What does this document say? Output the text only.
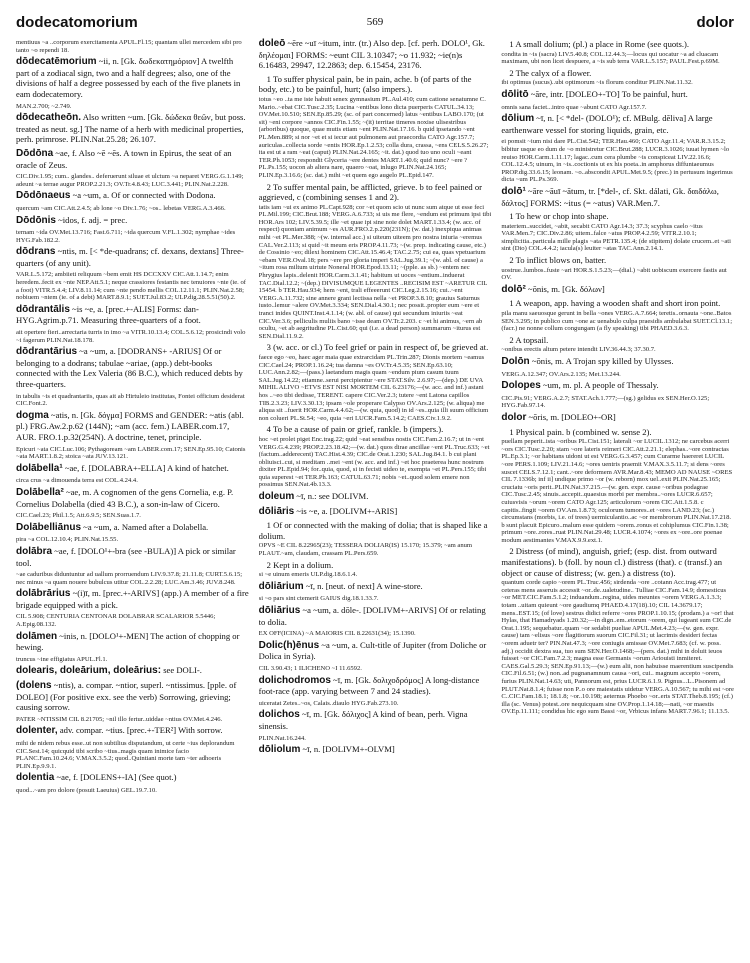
dodecatomorium	569	dolor
mentiuus ~a ..corporum exercitamenta APUL.Fl.15; quantam ullei mercedem sibi pro tanto ~o rependi 18.
dōdecatēmorium ~ii, n. [Gk. δωδεκατημόριον] A twelfth part of a zodiacal sign, two and a half degrees; also, one of the divisions of half a degree possessed by each of the five planets in eam dodecatemory.
MAN.2.700; ~2.749.
dōdecatheōn. Also written ~um. [Gk. δώδεκα θεῶν, but poss. treated as neut. sg.] The name of a herb with medicinal properties, perh. primrose. PLIN.Nat.25.28; 26.107.
Dōdōna ~ae, f. Also ~ē ~ēs. A town in Epirus, the seat of an oracle of Zeus.
CIC.Div.1.95; cum.. glandes.. deferuerunt siluae et ulctum ~a neparet VERG.G.1.149; adeunt ~a terrae augur PROP.2.21.3; OV.Tr.4.8.43; LUC.3.441; PLIN.Nat.2.228.
Dōdōnaeus ~a ~um, a. Of or connected with Dodona.
quercum ~am CIC.Att.2.4.5; ab lone ~o Div.1.76; ~os.. lebetas VERG.A.3.466.
Dōdōnis ~idos, f. adj. = prec.
ternam ~ida OV.Met.13.716; Fast.6.711; ~ida quercum V.FL.1.302; nymphae ~ides HYG.Fab.182.2.
dōdrans ~ntis, m. [< *de-quadrans; cf. dexans, dextans] Three-quarters (of any unit).
VAR.L.5.172; ambiieti reliquum ~bem emit HS DCCXXV CIC.Att.1.14.7; enim heredem..fecit ex ~nte NEP.Att.5.1; neque crassiores festantis nec tenuiores ~nte (ie. of a foot) VITR.5.4.4; LIV.8.11.14; cum ~nte pendo mellis COL.12.11.1; PLIN.Nat.2.58; nobiuem ~ntem (ie. of a debt) MART.8.9.1; SUET.Jul.83.2; ULP.dig.28.5.51(50).2.
dōdrantālis ~is ~e, a. [prec.+-ALIS] Forms: dan- HYG.Agrim.p.71. Measuring three-quarters of a foot.
ait opertere fieri..arrectaria turris in imo ~a VITR.10.13.4; COL.5.6.12; prosicindi volo ~i fagerum PLIN.Nat.18.178.
dōdrantārius ~a ~um, a. [DODRANS+ -ARIUS] Of or belonging to a dodrans; tabulae ~ariae, (app.) debt-books connected with the Lex Valeria (86 B.C.), which reduced debts by three-quarters.
in tabulis ~is et quadrantariis, quas ait ab Hirtuleio institutas, Fontei officium desiderat CIC.Font.2.
dogma ~atis, n. [Gk. δόγμα] FORMS and GENDER: ~atis (abl. pl.) FRG.Aw.2.p.62 (144N); ~am (acc. fem.) LABER.com.17, AUR. FRO.1.p.32(254N). A doctrine, tenet, principle.
Epicuri ~ata CIC.Luc.106; Pythagoream ~am LABER.com.17; SEN.Ep.95.10; Catonis ~ata MART.1.8.2; stoica ~ata JUV.13.121.
dolābella¹ ~ae, f. [DOLABRA+-ELLA] A kind of hatchet.
circa crus ~a dimouenda terra est COL.4.24.4.
Dolābella² ~ae, m. A cognomen of the gens Cornelia, e.g. P. Cornelius Dolabella (died 43 B.C.), a son-in-law of Cicero.
CIC.Cael.23; Phil.1.5; Att.6.9.5; SEN.Suas.1.7.
Dolābelliānus ~a ~um, a. Named after a Dolabella.
pira ~a COL.12.10.4; PLIN.Nat.15.55.
dolābra ~ae, f. [DOLO¹+-bra (see -BULA)] A pick or similar tool.
~ae caduribus diduntuntur ad uallum prorruendum LIV.9.37.8; 21.11.8; CURT.5.6.15; nec minus ~a quam nouere bubulcus utitur COL.2.2.28; LUC.Am.3.46; JUV.8.248.
dolābrārius ~(i)ī, m. [prec.+-ARIVS] (app.) A member of a fire brigade equipped with a pick.
CIL 5.908; CENTURIA CENTONAR DOLABRAR SCALARIOR 5.5446; A.Epig.08.132.
dolāmen ~inis, n. [DOLO¹+-MEN] The action of chopping or hewing.
truncus ~ine effigiatus APUL.Fl.1.
dolearis, doleārium, doleārius: see DOLI-.
(dolens ~ntis), a. compar. ~ntior, superl. ~ntissimus. [pple. of DOLEO] (For positive exx. see the verb) Sorrowing, grieving; causing sorrow.
PATER ~NTISSIM CIL 8.21705; ~nil illo fertur..uiddae ~ntius OV.Met.4.246.
dolenter, adv. compar. ~tius. [prec.+-TER²] With sorrow.
mihi de nidem rebus esse..ut non subtilius disputandum, ut certe ~ius deplorandum CIC.Sest.14; quicquid tibi scribo ~tius..magis quam inimice facio PLANC.Fam.10.24.6; V.MAX.3.5.2; quod..Quintiani morte tam ~ter adhoeris PLIN.Ep.9.9.1.
dolentia ~ae, f. [DOLENS+-IA] (See quot.)
quod...~am pro dolore (posuit Laeuius) GEL.19.7.10.
doleō ~ēre ~uī ~itum, intr. (tr.) Also dep. [cf. perh. DOLO¹, Gk. δηλέομαι] FORMS: ~eunt CIL 3.10347; ~o 11.932; ~ie(n)s 6.16483, 29947, 12.2863; dep. 6.15454, 23176.
1 To suffer physical pain, be in pain, ache. b (of parts of the body, etc.) to be painful, hurt; (also impers.).
totus ~eo ..ta me iste habuit senex gymnasium PL.Aul.410; cum catione senatumne C. Mario..~ebat CIC.Tusc.2.35; Lucina ~entibus lono dicta puerperis CATUL.34.13; OV.Met.10.510; SEN.Ep.85.29; (sc. of part concerned) latus ~entibus LABO.170; (ut sit) ~eni corpore ~annos CIC.Fin.1.55; ~(it) territae timeres noxise ulisestribus (arboribus) quoque, quae mutis etiam ~ent PLIN.Nat.17.16. b quid ipsetando ~ent PL.Men.889; si nor ~et et si iecur aut pulmonem aut praecordia CATO Agr.157.7; auriculas..collecta sorde ~entis HOR.Ep.1.2.53; colla dura, crassa, ~ens CELS.5.26.27; ita est ut a ram ~eat (caput) PLIN.Nat.24.165; ~it. dat.) quod tuo uno oculi ~eant TER.Ph.1053; respondit Glyceria ~ere dentes MART.1.40.6; quid nunc? ~ere ? PL.Ps.155; uocon ab altera nare, quaero ~oat, inlugo PLIN.Nat.24.165; PLIN.Ep.3.16.6; (sc. dat.) mihi ~et quem ego augelo PL.Epid.147.
2 To suffer mental pain, be afflicted, grieve. b to feel pained or aggrieved, c (combining senses 1 and 2).
tatis iam ~ui ex animo PL.Capt.928; cor ~et quom scio ut nunc sum atque ut esse feci PL.Mil.199; CIC.Brut.188; VERG.A.6.733; si uis me flere, ~endum est primum ipsi tibi HOR.Ars 102; LIV.5.39.5; ille ~et quae ipi sine noie dolet MART.1.33.4; (w. acc. of respect) quoniam animum ~es AUR.FRO.2.p.220(231N); (w. dat.) inexpiqua animas mihi ~et PL.Mer.388; ~(w. internal acc.) si uiteum uiteem pro nostra iniuria ~eremus CAL.Ver.2.113; si quid ~it meum eris PROP.4.11.73; ~(w. prep. indicating cause, etc.) de Cossinio ~eo; dilexi hominem CIC.Att.15.46.4; TAC.2.75; cui ea, quas vpetuarium ~ebam VER.Oval.18; pers ~ere pro gloria imperi SAL.Jug.39.1; ~(w. abl. of cause) a ~itum rosa miltum uirtute Noneral HOR.Epod.13.11; ~(pple. as sb.) ~entem nec Phrygius lapis..delenit HOR.Carm.3.1.41; habitum ut uoces ~entium..induerat TAC.Dial.12.2; ~(dep.) DIVISUMQUE LEGENTES ..RECISIM EST ~ARETUR CIL 15454. b TER.Hau.934; hem ~ent, trali effeeerunt CIC.Leg.2.15.16; cui..~ent VERG.A.11.732; sine annere grani lectissa nella ~et PROP.3.8.10; grauius Saturnus iusto..lemur ~alere OV.Met.3.334; SEN.Dial.4.30.1; nec possit..propter eum ~ere et tranci inides QUINT.Inst.4.1.14; (w. abl. of cause) qui secundum iniuriis ~eat CIC.Ver.3.6; pelliculis muliis bano ~isse deam OV.Tr.2.203. c ~et hi animus, ~ern ab ocultu, ~et ab aegritudine PL.Cist.60; qui (i.e. a dead person) summarum ~iturus est SEN.Dial.11.9.2.
3 (w. acc. or cl.) To feel grief or pain in respect of, be grieved at.
faece ego ~eo, haec ager maia quae extrarcidam PL.Trin.287; Dionis mortem ~eamus CIC.Cael.24; PROP.1.16.24; tua damna ~es OV.Tr.4.5.35; SEN.Ep.63.10; LUC.Ann.2.82;—(pass.) laetandum magis quam ~endum pium casum tuum SAL.Jug.14.22; etiamne..serui percipientur ~ere STAT.Silv. 2.6.97;—(dep.) DE UVA MIHIL ALIVO ~ETVS EST NISI MORTEM CIL 6.23176;—(w. acc. and inf.) astani hos ..~eo tibi dedisse, TERENT. capere CIC.Ver.2.3; tutere ~ent Latona capillos TIB.2.3.23; LIV.3.30.13; ipsam ~ole properare Calypso OV.Ars.2.125; (w. aliqua) me aliqua sit ..fuerit HOR.Carm.4.4.62;—(w. quia, quod) in id ~es..quia illi suum officium non colueri PL.St.54; ~eo, quia ~eri LUCR.Fam.5.14.2; CAES.Civ.1.9.2.
4 To be a cause of pain or grief, rankle. b (impers.).
hoc ~et prolet piget Enc.trag.22; quid ~eat sensibus nostis CIC.Fam.2.16.7; ut in ~ent VERG.G.4.239; PROP.2.23.18.42;—(w. dat.) quos dirae ancillae ~ent PL.Truc.633; ~et (factum..adderecent) TAC.Hist.4.39; CIC.de Orat.1.230; SAL.Jug.84.1. b cui plani obliuisci..cui, si meditam ..mei ~ent (w. acc. and inf.) ~et hoc praeterea hunc nostrum dixiter PL.Epid.94; for..quia, quod, si in fecisti uideo te, exempta ~et PL.Pers.155; tibi quia superest ~et TER.Ph.163; CATUL.63.71; nobis ~et..quod solem emere non possimus SEN.Nat.4b.13.3.
doleum ~ī, n.: see DOLIVM.
dōliāris ~is ~e, a. [DOLIVM+-ARIS]
1 Of or connected with the making of dolia; that is shaped like a dolium.
OPVS ~E CIL 8.22965(23); TESSERA DOLIAR(IS) 15.170; 15.379; ~am anum PLAUT.~am, claudam, crassam PL.Pers.659.
2 Kept in a dolium.
si ~e uinum emeris ULP.dig.18.6.1.4.
dōliārium ~ī, n. [neut. of next] A wine-store.
si ~o pars sint ctemerit GAIUS dig.18.1.33.7.
dōliārius ~a ~um, a. dōle-. [DOLIVM+-ARIVS] Of or relating to dolia.
EX OFF(ICINA) ~A MAIORIS CIL 8.22631(34); 15.1390.
Dolic(h)ēnus ~a ~um, a. Cult-title of Jupiter (from Doliche or Dolica in Syria).
CIL 3.90.43; 1 ILICHENO ~I 11.6592.
dolichodromos ~ī, m. [Gk. δολιχοδρόμος] A long-distance foot-race (app. varying between 7 and 24 stadies).
uiceratat Zetes..~os, Calais..diaulo HYG.Fab.273.10.
dolichos ~ī, m. [Gk. δόλιχος] A kind of bean, perh. Vigna sinensis.
PLIN.Nat.16.244.
dōliolum ~ī, n. [DOLIVM+-OLVM]
1 A small dolium; (pl.) a place in Rome (see quots.).
condita in ~is (sacra) LIV.5.40.8; COL.12.44.3;—locus qui uocatur ~a ad cluacam maximam, ubi non licet despuere, a ~is sub terra VAR.L.5.157; PAUL.Fest.p.69M.
2 The calyx of a flower.
ibi optimus (sucus)..ubi optimorum ~is florum conditur PLIN.Nat.11.32.
dōlitō ~āre, intr. [DOLEO+-TO] To be painful, hurt.
omnis sana faciet...intro quae ~abunt CATO Agr.157.7.
dōlium ~ī, n. [< *del- (DOLO¹); cf. MBulg. dĕliva] A large earthenware vessel for storing liquids, grain, etc.
ei pomsit ~ium nisi dare PL.Cist.542; TER.Hau.460; CATO Agr.11.4; VAR.R.3.15.2; bibitur usque eo dum de ~o ministretur CIC.Brut.288; LUCR.3.1026; iuuat hymen ~lo reuiso HOR.Carm.1.11.17; lagac..cum cera plumbe ~is conspiceat LIV.22.16.6; COL.12.4.5; uinum, in ~is..coctionis ut ex his poeta..in amphorus diffuntaeumus PROP.dig.33.6.15; leonam. ~o..abscondit APUL.Met.9.5; (prec.) in pertusum ingerimus dicta ~um PL.Ps.369.
dolō¹ ~āre ~āuī ~ātum, tr. [*del-, cf. Skt. dálati, Gk. δαιδάλω, δάλτος] FORMS: ~itus (= ~atus) VAR.Men.7.
1 To hew or chop into shape.
materiem..succidet, ~abit, secabit CATO Agr.14.3; 37.3; scyphus caelo ~itus VAR.Men.7; CIC.Div.2.86; uitem..falce ~atus PROP.4.2.59; VITR.2.10.1; simplicitia..particula mille plagis ~ata PETR.135.4; (de stipitem) dolate crucem..et ~ati sint (Dio) COL.4.4.2; iacula(s) leuiter ~atas TAC.Ann.2.14.1.
2 To inflict blows on, batter.
uostrue..lumbos..fuste ~ari HOR.S.1.5.23;—(dial.) ~abit uobiscum exercere fastis aut OV.
dolō² ~ōnis, m. [Gk. δόλων]
1 A weapon, app. having a wooden shaft and short iron point.
pila manu saeuosque gerunt in bella ~ones VERG.A.7.664; teretis..ornauta ~one..Batos SEN.3.295; in publico cum ~one ac uenabulo culpa praesidis ambulabat SUET.Cl.13.1; (facr.) ne nonne collum congungam (a fly speaking) tibi PHAED.3.6.3.
2 A topsail.
~onibus erectis altum petere intendit LIV.36.44.3; 37.30.7.
Dolōn ~ōnis, m. A Trojan spy killed by Ulysses.
VERG.A.12.347; OV.Ars.2.135; Met.13.244.
Dolopes ~um, m. pl. A people of Thessaly.
CIC.Pis.91; VERG.A.2.7; STAT.Ach.1.777;—(sg.) gelidus ex SEN.Her.O.125; HYG.Fab.97.14.
dolor ~ōris, m. [DOLEO+-OR]
1 Physical pain. b (combined w. sense 2).
puellam peperit..ista ~oribus PL.Cist.151; laterali ~or LUCIL.1312; ne carcebus acerri ~ors CIC.Tusc.2.20; stam ~ore lateris reimeri CIC.Att.2.21.1; elephas..~ore contractas PL.Ep.3.1; ~or habitans uidoni ut est VERG.G.3.457; cum Curarme haereret LUCIL ~ore PERS.1.109; LIV.21.14.6; ~ores uentris praemit V.MAX.3.5.11.7; si dens ~ores suscet CELS.7.12.1; cant..~ore deformem AVR.Mar.8.43; MEMO AD NAUSE ~ORES CIL 7.1336b; inf ii] undique primo ~or (w. reborn) mox uel..exit PLIN.Nat.25.165; cruciatu ~oris perit..PLIN.Nat.37.215.—(w. gen. expr. cause ~oribus podagrae CIC.Tusc.2.45; sinuis..accepit..quaesius morbi per membra..~ores LUCR.6.657; cuiusvisis ~orum ~orem CATO Agr.125; articulorum ~orem CIC.Att.1.5.8. c capitis..fingit ~orem OV.Am.1.8.73; oculorum tumores..et ~ores LAND.23; (sc.) circumstans (morbis, i.e. of trees) uermiculantio..ac ~or membrorum PLIN.Nat.17.218. b sunt placuit Epicuro..malum esse quidem ~orem..ronus et cohiplumus CIC.Fin.1.38; primum ~ore..rores..ruat PLIN.Nat.29.48; LUCR.4.1074; ~ores ex ~ore..ore poenae modum aestimantes V.MAX.9.9.ext.1.
2 Distress (of mind), anguish, grief; (esp. dist. from outward manifestations). b (foll. by noun cl.) distress (that). c (transf.) an object or cause of distress; (w. gen.) a distress (to).
quantum corde capio ~orem PL.Truc.456; sirdenda ~ore ..cotann Acc.trag.477; ut ceteras mens asseruis accessit ~or..de..ualetudine.. Tulliae CIC.Fam.14.9; domesticus ~or MET.CIC.Fam.5.1.2; induandum..regina, uides meuntes ~orem VERG.A.1.3.3; totam ..uitam quieunt ~ore gaudiumq PHAED.4.17(18).10; CIL 14.3679.17; mens..EST.15; (of love) sestrus didici referre ~ores PROP.1.10.15; (prodam.) a ~or! that Hylas, that Hamadryads 1.20.32;—in dign..em..etorum ~orem, qui lugeant sum CIC.de Orat.1.195; sequebatur..quam ~or sedabit pueliae APUL.Met.4.23;—(w. gen. expr. cause) tam ~elisus ~ore flagitiorum suorum CIC.Fil.31; ut lacrimis desideri fectas ~orem aduetr ter? PIN.Nat.47.3; ~ore coniugis amissae OV.Met.7.683; (cf. w. poss. adj.) occidit dextra sua, tuo sum SEN.Her.O.1468;—(pers. dat.) mihi in doluit ieuos fuisset ~or CIC.Fam.7.2.3; magna esse Germanis ~orum Ariouisti inmiteret. CAES.Gal.5.29.3; SEN.Ep.91.13;—(w.) eum alii, non habuisse maerentium suscipendis CIC.Fil.6.51; (w.) non..ad pugnanamnum causa ~ori, cui.. magnum accepto ~orem, furius PLIN.Nat.14.63; uti, Pannorum est, prius LUCR.6.1.9. Pignus...L..Pisonem ad PLUT.Nat.8.1.4; fuisse non P..o ore maiestatis uidetur VERG.A.10.567; tu mihi est ~ore C..CIC.Fam.18.1; 18.1.8; ~or..10.198; aeternus Phoebo ~or..erts STAT.Theb.8.195; (cf.) illa (sc. Venus) potest..ore nequicquam sine OV.Prop.1.14.18;—nati, ~or maestis OV.Ep.11.111; condidus hic ego sum Bassi ~or, Vrbicus infans MART.7.96.1; 11.13.5.
